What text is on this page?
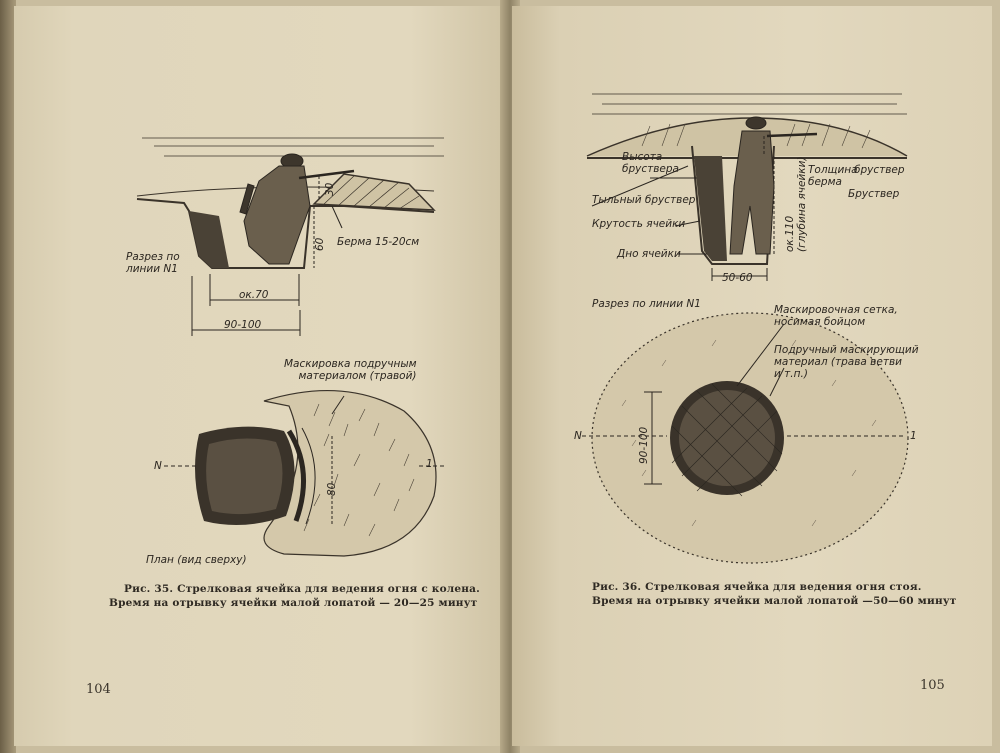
Разрез по
линии N1
30
60 Берма 15-20см
ок.70
90-100
Маскировка подручным
материалом (травой)
80
N	1
План (вид сверху)
Рис. 35. Стрелковая ячейка для ведения огня с колена.
Время на отрывку ячейки малой лопатой — 20—25 минут
104
Высота
бруствера
Тыльный бруствер
Крутость ячейки
Дно ячейки
ок.110
(глубина ячейки) Толщина
берма
бруствер
Бруствер
50-60
Разрез по линии N1	Маскировочная сетка,
носимая бойцом
Подручный маскирующий
материал (трава ветви
и т.п.)
90-100
N	1
Рис. 36. Стрелковая ячейка для ведения огня стоя.
Время на отрывку ячейки малой лопатой —50—60 минут
105
